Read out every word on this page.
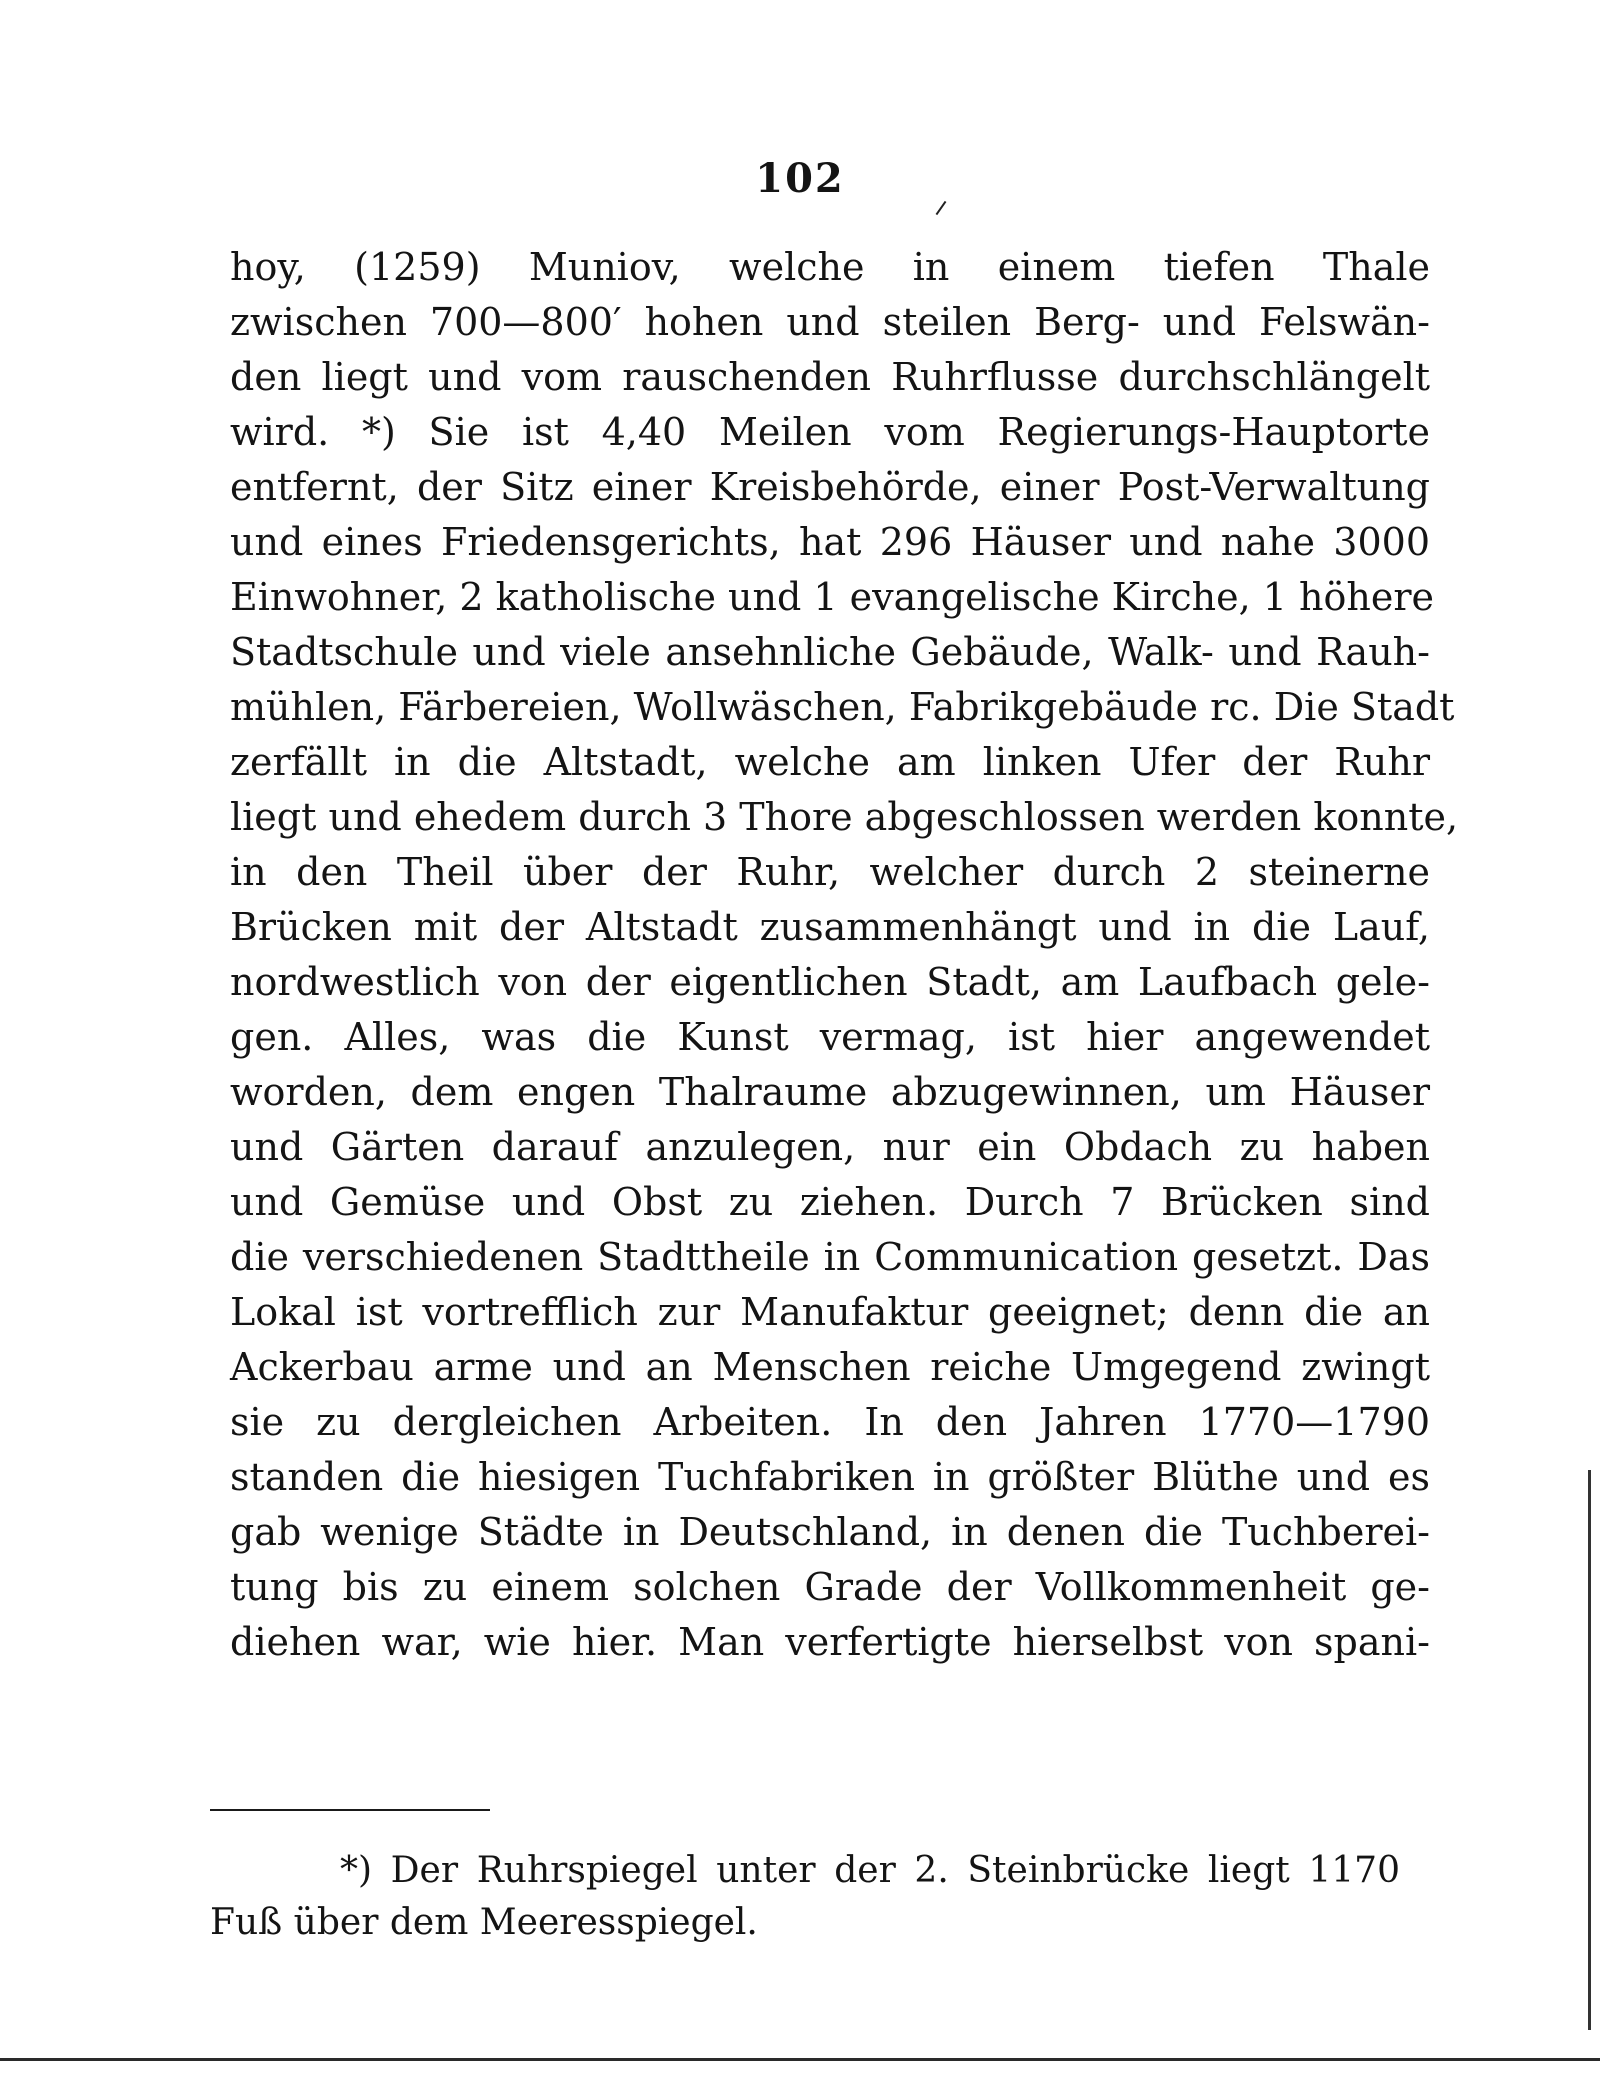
102
hoy, (1259) Muniov, welche in einem tiefen Thale
zwischen 700—800′ hohen und steilen Berg- und Felswän-
den liegt und vom rauschenden Ruhrflusse durchschlängelt
wird. *) Sie ist 4,40 Meilen vom Regierungs-Hauptorte
entfernt, der Sitz einer Kreisbehörde, einer Post-Verwaltung
und eines Friedensgerichts, hat 296 Häuser und nahe 3000
Einwohner, 2 katholische und 1 evangelische Kirche, 1 höhere
Stadtschule und viele ansehnliche Gebäude, Walk- und Rauh-
mühlen, Färbereien, Wollwäschen, Fabrikgebäude rc. Die Stadt
zerfällt in die Altstadt, welche am linken Ufer der Ruhr
liegt und ehedem durch 3 Thore abgeschlossen werden konnte,
in den Theil über der Ruhr, welcher durch 2 steinerne
Brücken mit der Altstadt zusammenhängt und in die Lauf,
nordwestlich von der eigentlichen Stadt, am Laufbach gele-
gen. Alles, was die Kunst vermag, ist hier angewendet
worden, dem engen Thalraume abzugewinnen, um Häuser
und Gärten darauf anzulegen, nur ein Obdach zu haben
und Gemüse und Obst zu ziehen. Durch 7 Brücken sind
die verschiedenen Stadttheile in Communication gesetzt. Das
Lokal ist vortrefflich zur Manufaktur geeignet; denn die an
Ackerbau arme und an Menschen reiche Umgegend zwingt
sie zu dergleichen Arbeiten. In den Jahren 1770—1790
standen die hiesigen Tuchfabriken in größter Blüthe und es
gab wenige Städte in Deutschland, in denen die Tuchberei-
tung bis zu einem solchen Grade der Vollkommenheit ge-
diehen war, wie hier. Man verfertigte hierselbst von spani-
*) Der Ruhrspiegel unter der 2. Steinbrücke liegt 1170
Fuß über dem Meeresspiegel.
